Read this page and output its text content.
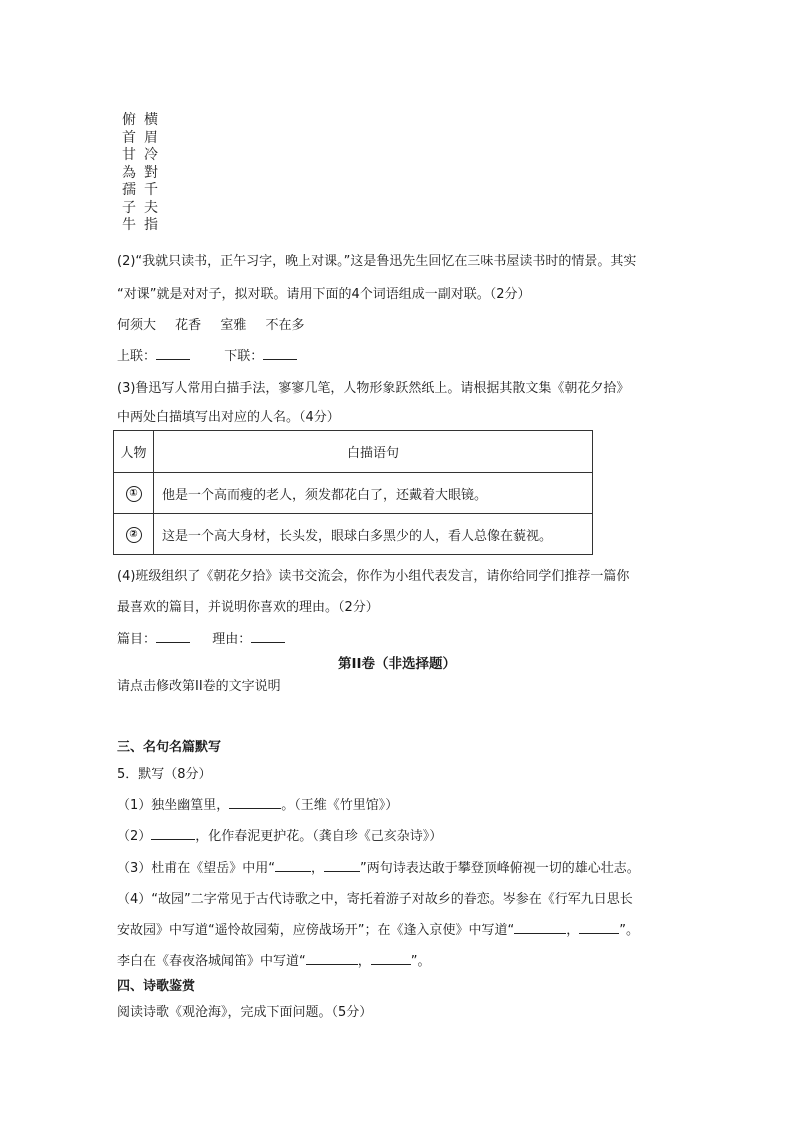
横
眉
冷
對
千
夫
指
俯
首
甘
為
孺
子
牛
(2)“我就只读书，正午习字，晚上对课。”这是鲁迅先生回忆在三味书屋读书时的情景。其实
“对课”就是对对子，拟对联。请用下面的4个词语组成一副对联。（2分）
何须大 花香 室雅 不在多
上联：	下联：
(3)鲁迅写人常用白描手法，寥寥几笔，人物形象跃然纸上。请根据其散文集《朝花夕拾》
中两处白描填写出对应的人名。（4分）
人物	白描语句
①	他是一个高而瘦的老人，须发都花白了，还戴着大眼镜。
②	这是一个高大身材，长头发，眼球白多黑少的人，看人总像在藐视。
(4)班级组织了《朝花夕拾》读书交流会，你作为小组代表发言，请你给同学们推荐一篇你
最喜欢的篇目，并说明你喜欢的理由。（2分）
篇目：	理由：
第II卷（非选择题）
请点击修改第II卷的文字说明
三、名句名篇默写
5．默写（8分）
（1）独坐幽篁里，	。（王维《竹里馆》）
（2）	，化作春泥更护花。（龚自珍《己亥杂诗》）
（3）杜甫在《望岳》中用“	，	”两句诗表达敢于攀登顶峰俯视一切的雄心壮志。
（4）“故园”二字常见于古代诗歌之中，寄托着游子对故乡的眷恋。岑参在《行军九日思长
安故园》中写道“遥怜故园菊，应傍战场开”；在《逢入京使》中写道“	，	”。
李白在《春夜洛城闻笛》中写道“	，	”。
四、诗歌鉴赏
阅读诗歌《观沧海》，完成下面问题。（5分）
